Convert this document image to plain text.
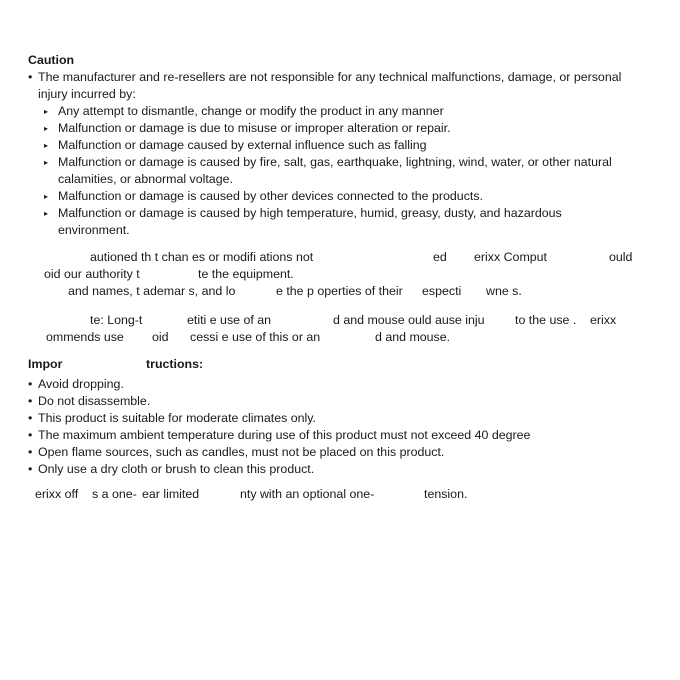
Caution
• The manufacturer and re-resellers are not responsible for any technical malfunctions, damage, or personal
injury incurred by:
▸ Any attempt to dismantle, change or modify the product in any manner
▸ Malfunction or damage is due to misuse or improper alteration or repair.
▸ Malfunction or damage caused by external influence such as falling
▸ Malfunction or damage is caused by fire, salt, gas, earthquake, lightning, wind, water, or other natural
calamities, or abnormal voltage.
▸ Malfunction or damage is caused by other devices connected to the products.
▸ Malfunction or damage is caused by high temperature, humid, greasy, dusty, and hazardous
environment.
autioned th t chan es or modifi ations not	ed erixx Comput	ould
oid our authority t	te the equipment.
and names, t ademar s, and lo	e the p operties of their especti wne s.
te: Long-t	etiti e use of an	d and mouse ould ause inju to the use . erixx
ommends use oid cessi e use of this or an	d and mouse.
Impor	tructions:
• Avoid dropping.
• Do not disassemble.
• This product is suitable for moderate climates only.
• The maximum ambient temperature during use of this product must not exceed 40 degree
• Open flame sources, such as candles, must not be placed on this product.
• Only use a dry cloth or brush to clean this product.
erixx off s a one- ear limited	nty with an optional one-	tension.
